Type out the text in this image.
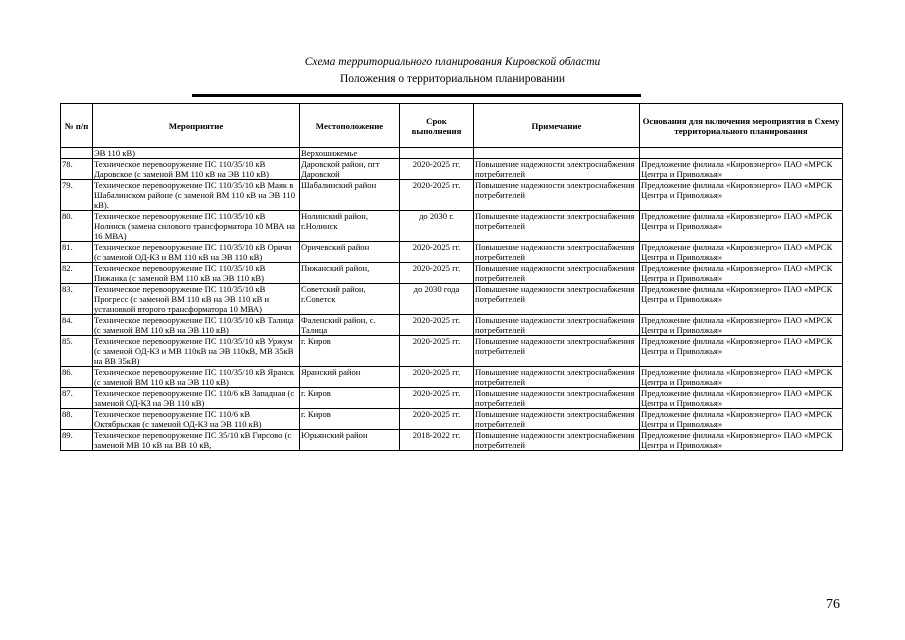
Схема территориального планирования Кировской области
Положения о территориальном планировании
№ п/п	Мероприятие	Местоположение	Срок выполнения	Примечание	Основания для включения мероприятия в Схему территориального планирования
	ЭВ 110 кВ)	Верхошижемье			
78.	Техническое перевооружение ПС 110/35/10 кВ Даровское (с заменой ВМ 110 кВ на ЭВ 110 кВ)	Даровской район, пгт Даровской	2020-2025 гг.	Повышение надежности электроснабжения потребителей	Предложение филиала «Кировэнерго» ПАО «МРСК Центра и Приволжья»
79.	Техническое перевооружение ПС 110/35/10 кВ Маяк в Шабалинском районе (с заменой ВМ 110 кВ на ЭВ 110 кВ).	Шабалинский район	2020-2025 гг.	Повышение надежности электроснабжения потребителей	Предложение филиала «Кировэнерго» ПАО «МРСК Центра и Приволжья»
80.	Техническое перевооружение ПС 110/35/10 кВ Нолинск (замена силового трансформатора 10 МВА на 16 МВА)	Нолинский район, г.Нолинск	до 2030 г.	Повышение надежности электроснабжения потребителей	Предложение филиала «Кировэнерго» ПАО «МРСК Центра и Приволжья»
81.	Техническое перевооружение ПС 110/35/10 кВ Оричи (с заменой ОД-КЗ и ВМ 110 кВ на ЭВ 110 кВ)	Оричевский район	2020-2025 гг.	Повышение надежности электроснабжения потребителей	Предложение филиала «Кировэнерго» ПАО «МРСК Центра и Приволжья»
82.	Техническое перевооружение ПС 110/35/10 кВ Пижанка (с заменой ВМ 110 кВ на ЭВ 110 кВ)	Пижанский район,	2020-2025 гг.	Повышение надежности электроснабжения потребителей	Предложение филиала «Кировэнерго» ПАО «МРСК Центра и Приволжья»
83.	Техническое перевооружение ПС 110/35/10 кВ Прогресс (с заменой ВМ 110 кВ на ЭВ 110 кВ и установкой второго трансформатора 10 МВА)	Советский район, г.Советск	до 2030 года	Повышение надежности электроснабжения потребителей	Предложение филиала «Кировэнерго» ПАО «МРСК Центра и Приволжья»
84.	Техническое перевооружение ПС 110/35/10 кВ Талица (с заменой ВМ 110 кВ на ЭВ 110 кВ)	Фаленский район, с. Талица	2020-2025 гг.	Повышение надежности электроснабжения потребителей	Предложение филиала «Кировэнерго» ПАО «МРСК Центра и Приволжья»
85.	Техническое перевооружение ПС 110/35/10 кВ Уржум (с заменой ОД-КЗ и МВ 110кВ на ЭВ 110кВ, МВ 35кВ на ВВ 35кВ)	г. Киров	2020-2025 гг.	Повышение надежности электроснабжения потребителей	Предложение филиала «Кировэнерго» ПАО «МРСК Центра и Приволжья»
86.	Техническое перевооружение ПС 110/35/10 кВ Яранск (с заменой ВМ 110 кВ на ЭВ 110 кВ)	Яранский район	2020-2025 гг.	Повышение надежности электроснабжения потребителей	Предложение филиала «Кировэнерго» ПАО «МРСК Центра и Приволжья»
87.	Техническое перевооружение ПС 110/6 кВ Западная (с заменой ОД-КЗ на ЭВ 110 кВ)	г. Киров	2020-2025 гг.	Повышение надежности электроснабжения потребителей	Предложение филиала «Кировэнерго» ПАО «МРСК Центра и Приволжья»
88.	Техническое перевооружение ПС 110/6 кВ Октябрьская (с заменой ОД-КЗ на ЭВ 110 кВ)	г. Киров	2020-2025 гг.	Повышение надежности электроснабжения потребителей	Предложение филиала «Кировэнерго» ПАО «МРСК Центра и Приволжья»
89.	Техническое перевооружение ПС 35/10 кВ Гирсово (с заменой МВ 10 кВ на ВВ 10 кВ,	Юрьянский район	2018-2022 гг.	Повышение надежности электроснабжения потребителей	Предложение филиала «Кировэнерго» ПАО «МРСК Центра и Приволжья»
76
